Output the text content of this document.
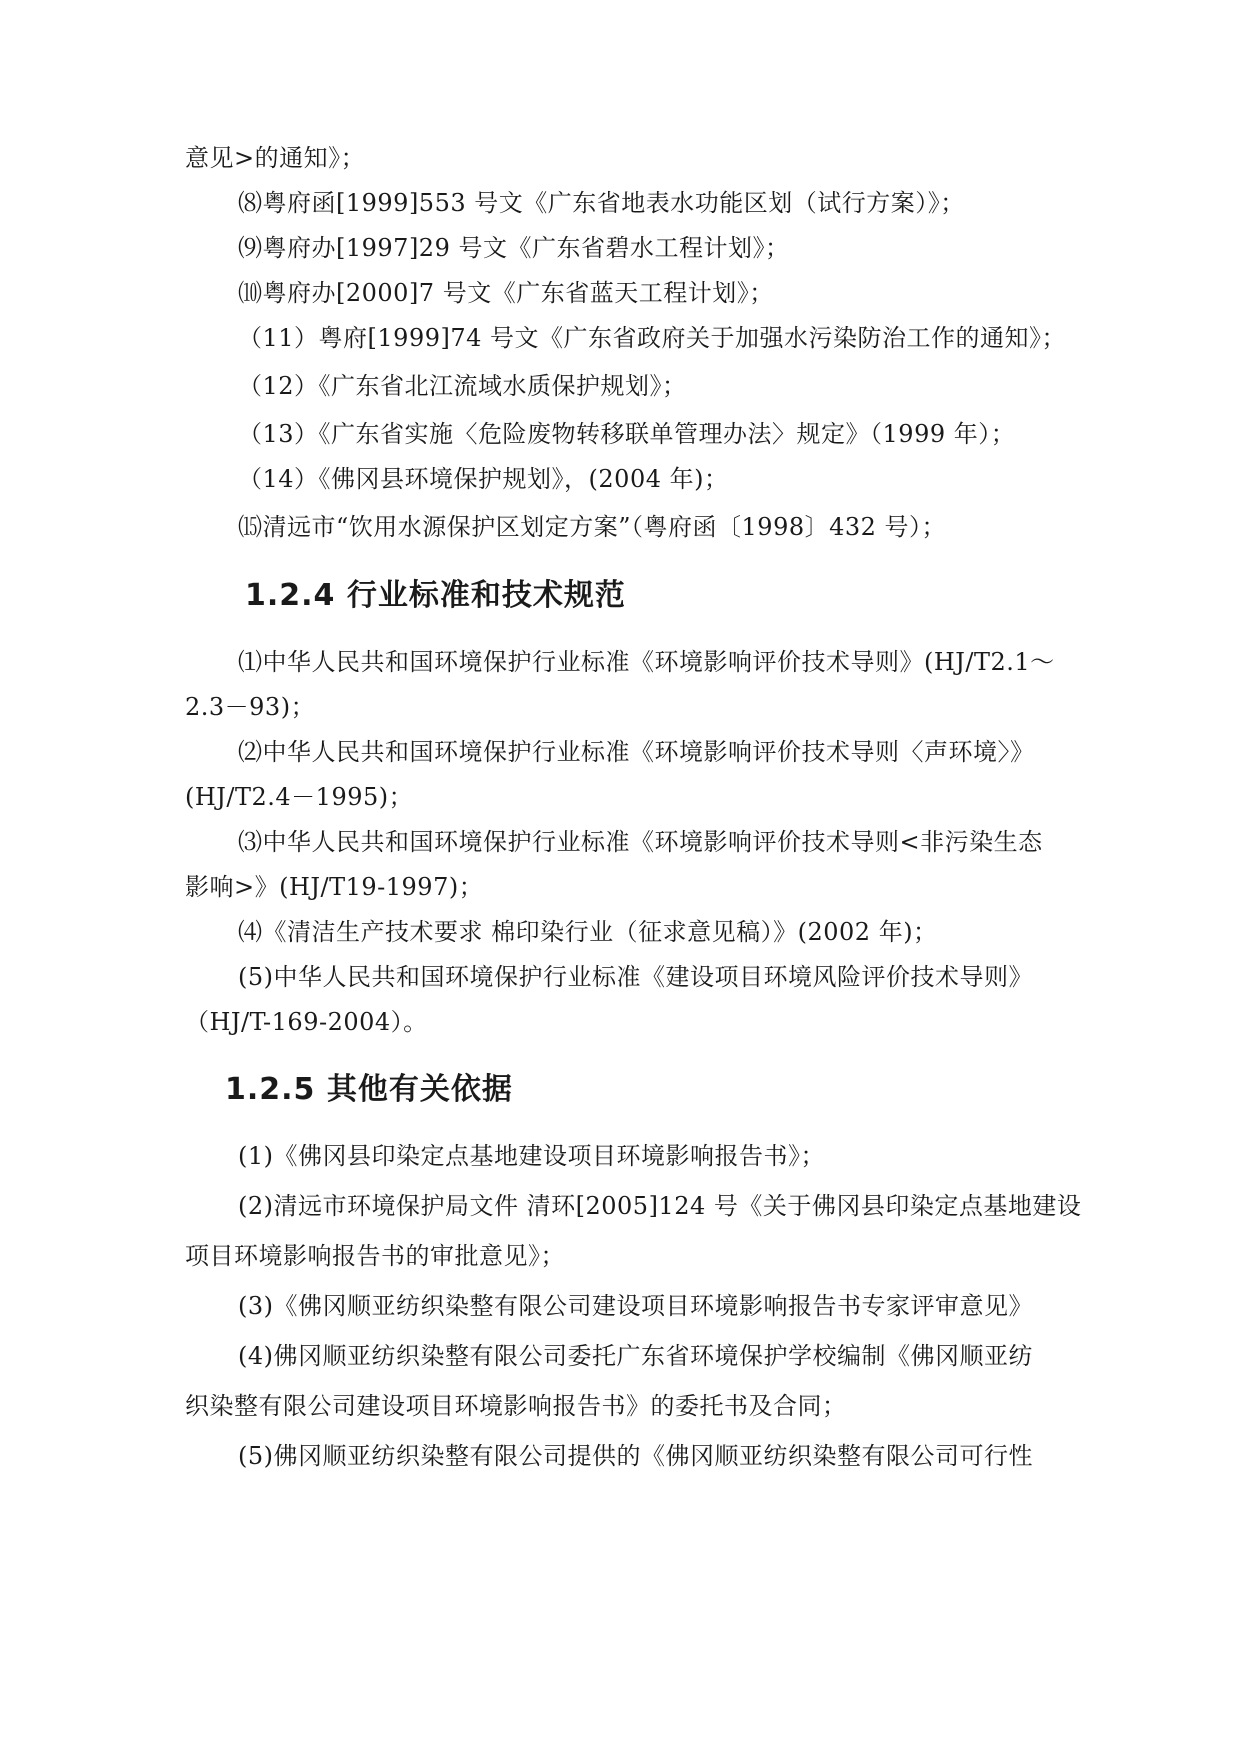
意见>的通知》；
⑻粤府函[1999]553 号文《广东省地表水功能区划（试行方案）》；
⑼粤府办[1997]29 号文《广东省碧水工程计划》；
⑽粤府办[2000]7 号文《广东省蓝天工程计划》；
（11）粤府[1999]74 号文《广东省政府关于加强水污染防治工作的通知》；
（12）《广东省北江流域水质保护规划》；
（13）《广东省实施〈危险废物转移联单管理办法〉规定》（1999 年）；
（14）《佛冈县环境保护规划》，(2004 年)；
⒂清远市“饮用水源保护区划定方案”（粤府函〔1998〕432 号）；
1.2.4 行业标准和技术规范
⑴中华人民共和国环境保护行业标准《环境影响评价技术导则》(HJ/T2.1～
2.3－93)；
⑵中华人民共和国环境保护行业标准《环境影响评价技术导则〈声环境〉》
(HJ/T2.4－1995)；
⑶中华人民共和国环境保护行业标准《环境影响评价技术导则<非污染生态
影响>》(HJ/T19-1997)；
⑷《清洁生产技术要求 棉印染行业（征求意见稿）》(2002 年)；
(5)中华人民共和国环境保护行业标准《建设项目环境风险评价技术导则》
（HJ/T-169-2004）。
1.2.5 其他有关依据
(1)《佛冈县印染定点基地建设项目环境影响报告书》；
(2)清远市环境保护局文件 清环[2005]124 号《关于佛冈县印染定点基地建设
项目环境影响报告书的审批意见》；
(3)《佛冈顺亚纺织染整有限公司建设项目环境影响报告书专家评审意见》
(4)佛冈顺亚纺织染整有限公司委托广东省环境保护学校编制《佛冈顺亚纺
织染整有限公司建设项目环境影响报告书》的委托书及合同；
(5)佛冈顺亚纺织染整有限公司提供的《佛冈顺亚纺织染整有限公司可行性
